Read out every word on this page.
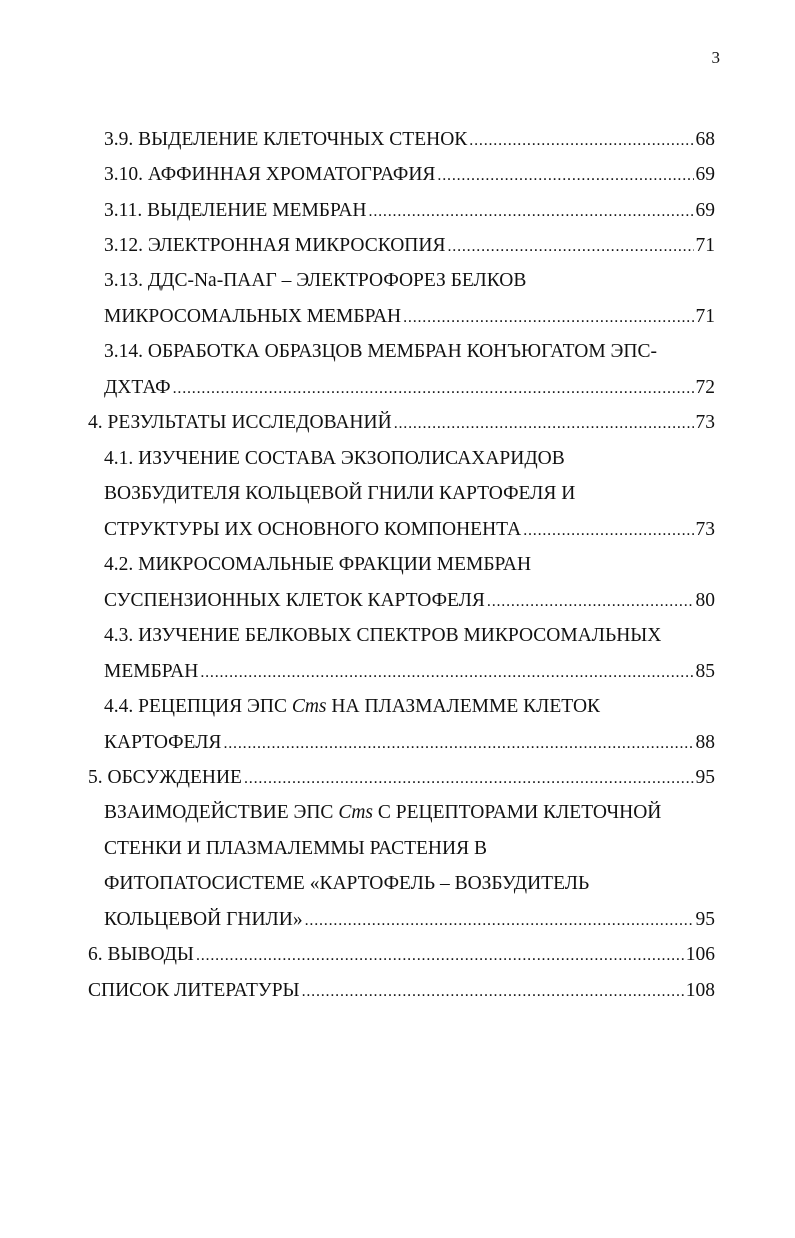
3
3.9. ВЫДЕЛЕНИЕ КЛЕТОЧНЫХ СТЕНОК .....	68
3.10. АФФИННАЯ ХРОМАТОГРАФИЯ .....	69
3.11. ВЫДЕЛЕНИЕ МЕМБРАН .....	69
3.12. ЭЛЕКТРОННАЯ МИКРОСКОПИЯ .....	71
3.13. ДДС-Na-ПААГ – ЭЛЕКТРОФОРЕЗ БЕЛКОВ
МИКРОСОМАЛЬНЫХ МЕМБРАН .....	71
3.14. ОБРАБОТКА ОБРАЗЦОВ МЕМБРАН КОНЪЮГАТОМ ЭПС-
ДХТАФ .....	72
4. РЕЗУЛЬТАТЫ ИССЛЕДОВАНИЙ .....	73
4.1. ИЗУЧЕНИЕ СОСТАВА ЭКЗОПОЛИСАХАРИДОВ
ВОЗБУДИТЕЛЯ КОЛЬЦЕВОЙ ГНИЛИ КАРТОФЕЛЯ И
СТРУКТУРЫ ИХ ОСНОВНОГО КОМПОНЕНТА .....	73
4.2. МИКРОСОМАЛЬНЫЕ ФРАКЦИИ МЕМБРАН
СУСПЕНЗИОННЫХ КЛЕТОК КАРТОФЕЛЯ .....	80
4.3. ИЗУЧЕНИЕ БЕЛКОВЫХ СПЕКТРОВ МИКРОСОМАЛЬНЫХ
МЕМБРАН .....	85
4.4. РЕЦЕПЦИЯ ЭПС Cms НА ПЛАЗМАЛЕММЕ КЛЕТОК
КАРТОФЕЛЯ .....	88
5. ОБСУЖДЕНИЕ .....	95
ВЗАИМОДЕЙСТВИЕ ЭПС Cms С РЕЦЕПТОРАМИ КЛЕТОЧНОЙ
СТЕНКИ И ПЛАЗМАЛЕММЫ РАСТЕНИЯ В
ФИТОПАТОСИСТЕМЕ «КАРТОФЕЛЬ – ВОЗБУДИТЕЛЬ
КОЛЬЦЕВОЙ ГНИЛИ» .....	95
6. ВЫВОДЫ .....	106
СПИСОК ЛИТЕРАТУРЫ .....	108
